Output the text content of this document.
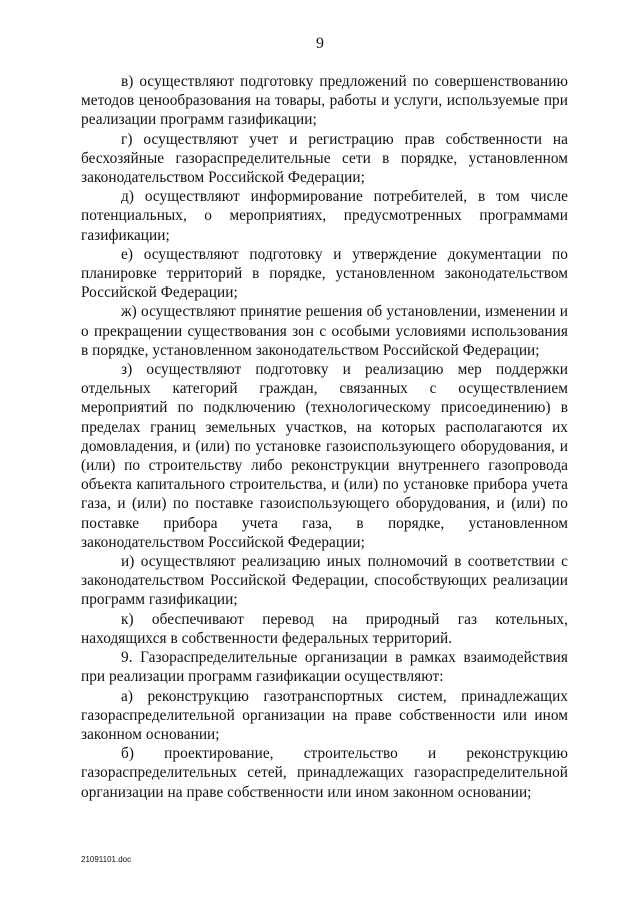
9

в) осуществляют подготовку предложений по совершенствованию методов ценообразования на товары, работы и услуги, используемые при реализации программ газификации;

г) осуществляют учет и регистрацию прав собственности на бесхозяйные газораспределительные сети в порядке, установленном законодательством Российской Федерации;

д) осуществляют информирование потребителей, в том числе потенциальных, о мероприятиях, предусмотренных программами газификации;

е) осуществляют подготовку и утверждение документации по планировке территорий в порядке, установленном законодательством Российской Федерации;

ж) осуществляют принятие решения об установлении, изменении и о прекращении существования зон с особыми условиями использования в порядке, установленном законодательством Российской Федерации;

з) осуществляют подготовку и реализацию мер поддержки отдельных категорий граждан, связанных с осуществлением мероприятий по подключению (технологическому присоединению) в пределах границ земельных участков, на которых располагаются их домовладения, и (или) по установке газоиспользующего оборудования, и (или) по строительству либо реконструкции внутреннего газопровода объекта капитального строительства, и (или) по установке прибора учета газа, и (или) по поставке газоиспользующего оборудования, и (или) по поставке прибора учета газа, в порядке, установленном законодательством Российской Федерации;

и) осуществляют реализацию иных полномочий в соответствии с законодательством Российской Федерации, способствующих реализации программ газификации;

к) обеспечивают перевод на природный газ котельных, находящихся в собственности федеральных территорий.

9. Газораспределительные организации в рамках взаимодействия при реализации программ газификации осуществляют:

а) реконструкцию газотранспортных систем, принадлежащих газораспределительной организации на праве собственности или ином законном основании;

б) проектирование, строительство и реконструкцию газораспределительных сетей, принадлежащих газораспределительной организации на праве собственности или ином законном основании;

21091101.doc
